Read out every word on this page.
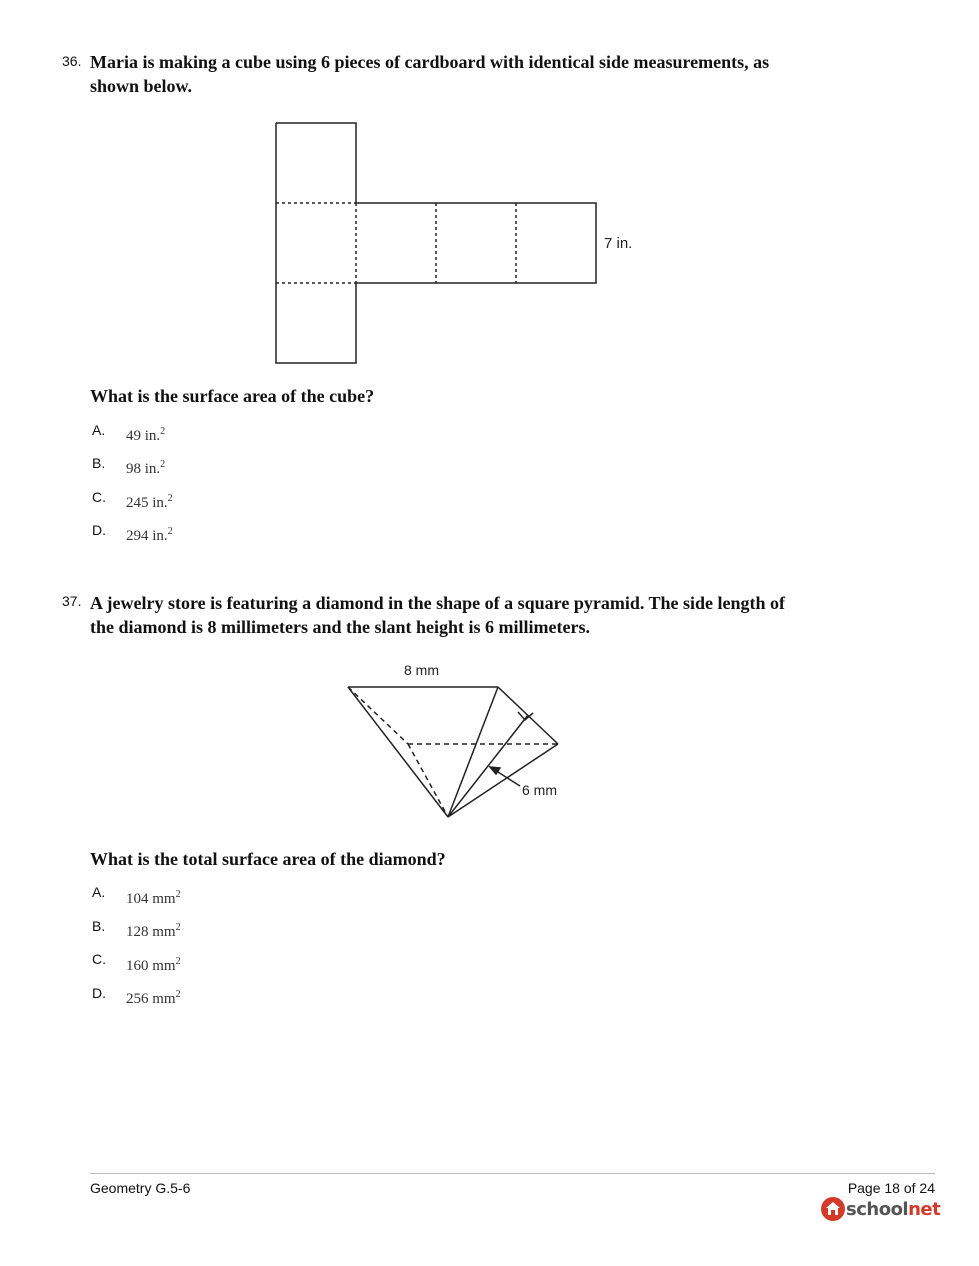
36. Maria is making a cube using 6 pieces of cardboard with identical side measurements, as
shown below.
7 in.
What is the surface area of the cube?
A. 49 in.$^2$
B. 98 in.$^2$
C. 245 in.$^2$
D. 294 in.$^2$
37. A jewelry store is featuring a diamond in the shape of a square pyramid. The side length of
the diamond is 8 millimeters and the slant height is 6 millimeters.
8 mm
6 mm
What is the total surface area of the diamond?
A. 104 $mm^2$
B. 128 $mm^2$
C. 160 $mm^2$
D. 256 $mm^2$
Geometry G.5-6	Page 18 of 24
schoolnet
